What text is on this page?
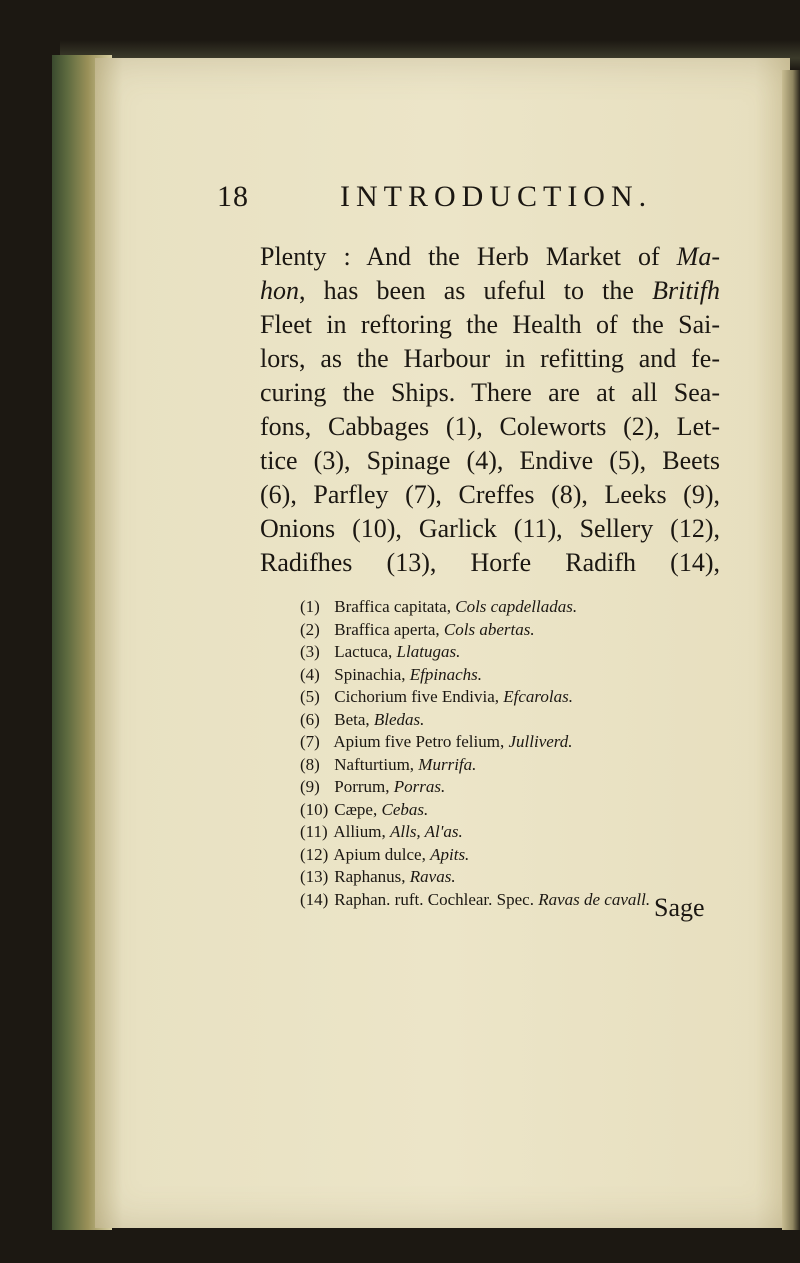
18	INTRODUCTION.
Plenty : And the Herb Market of Ma-
hon, has been as ufeful to the Britifh
Fleet in reftoring the Health of the Sai-
lors, as the Harbour in refitting and fe-
curing the Ships. There are at all Sea-
fons, Cabbages (1), Coleworts (2), Let-
tice (3), Spinage (4), Endive (5), Beets
(6), Parfley (7), Creffes (8), Leeks (9),
Onions (10), Garlick (11), Sellery (12),
Radifhes (13), Horfe Radifh (14),
(1) Braffica capitata, Cols capdelladas.
(2) Braffica aperta, Cols abertas.
(3) Lactuca, Llatugas.
(4) Spinachia, Efpinachs.
(5) Cichorium five Endivia, Efcarolas.
(6) Beta, Bledas.
(7) Apium five Petro felium, Julliverd.
(8) Nafturtium, Murrifa.
(9) Porrum, Porras.
(10) Cæpe, Cebas.
(11) Allium, Alls, Al'as.
(12) Apium dulce, Apits.
(13) Raphanus, Ravas.
(14) Raphan. ruft. Cochlear. Spec. Ravas de cavall. Sage
